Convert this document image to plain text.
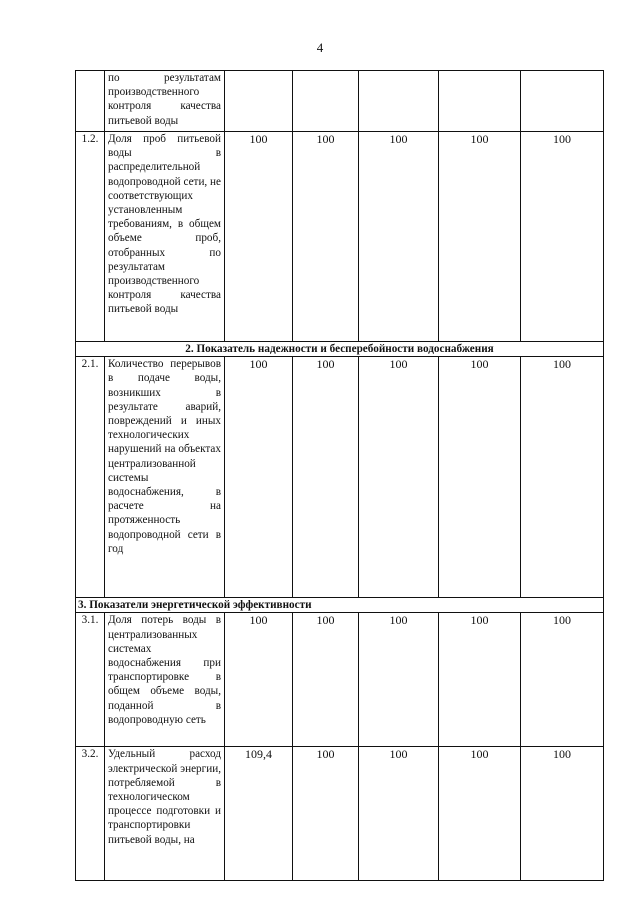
4
	по результатам производственного контроля качества питьевой воды					
1.2.	Доля проб питьевой воды в распределительной водопроводной сети, не соответствующих установленным требованиям, в общем объеме проб, отобранных по результатам производственного контроля качества питьевой воды	100	100	100	100	100
2. Показатель надежности и бесперебойности водоснабжения						
2.1.	Количество перерывов в подаче воды, возникших в результате аварий, повреждений и иных технологических нарушений на объектах централизованной системы водоснабжения, в расчете на протяженность водопроводной сети в год	100	100	100	100	100
3. Показатели энергетической эффективности						
3.1.	Доля потерь воды в централизованных системах водоснабжения при транспортировке в общем объеме воды, поданной в водопроводную сеть	100	100	100	100	100
3.2.	Удельный расход электрической энергии, потребляемой в технологическом процессе подготовки и транспортировки питьевой воды, на	109,4	100	100	100	100
